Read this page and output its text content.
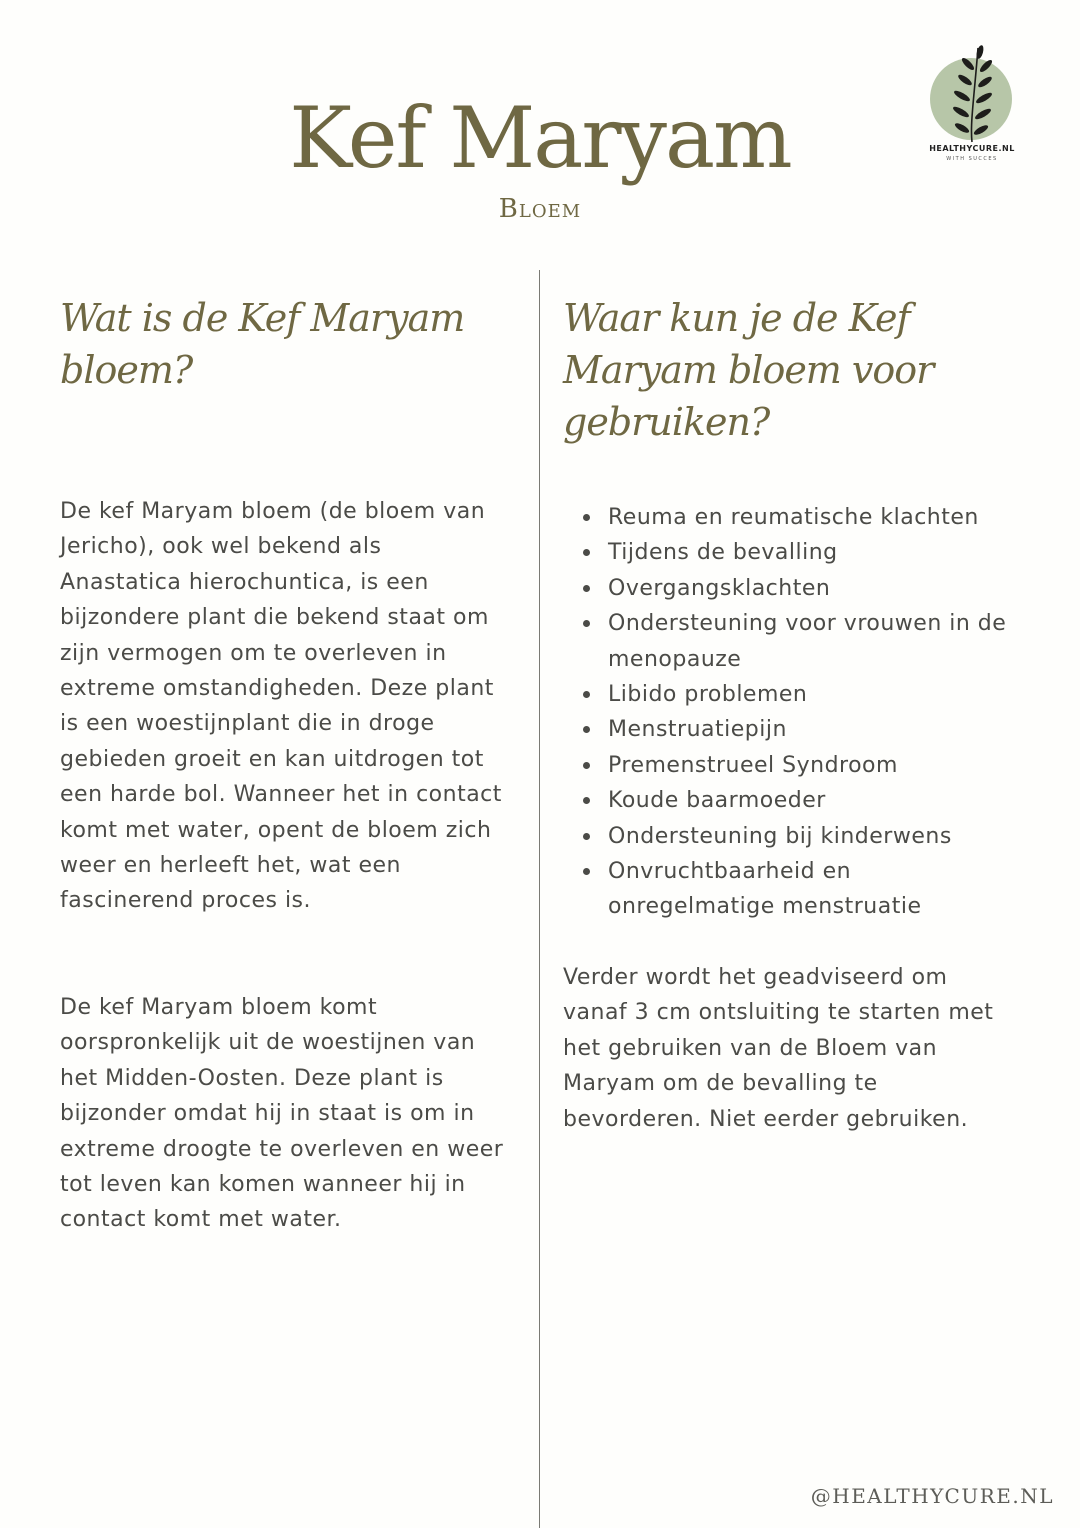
Kef Maryam
Bloem
HEALTHYCURE.NL
WITH SUCCES
Wat is de Kef Maryam bloem?

De kef Maryam bloem (de bloem van Jericho), ook wel bekend als Anastatica hierochuntica, is een bijzondere plant die bekend staat om zijn vermogen om te overleven in extreme omstandigheden. Deze plant is een woestijnplant die in droge gebieden groeit en kan uitdrogen tot een harde bol. Wanneer het in contact komt met water, opent de bloem zich weer en herleeft het, wat een fascinerend proces is.

De kef Maryam bloem komt oorspronkelijk uit de woestijnen van het Midden-Oosten. Deze plant is bijzonder omdat hij in staat is om in extreme droogte te overleven en weer tot leven kan komen wanneer hij in contact komt met water.

Waar kun je de Kef Maryam bloem voor gebruiken?
Reuma en reumatische klachten
Tijdens de bevalling
Overgangsklachten
Ondersteuning voor vrouwen in de menopauze
Libido problemen
Menstruatiepijn
Premenstrueel Syndroom
Koude baarmoeder
Ondersteuning bij kinderwens
Onvruchtbaarheid en onregelmatige menstruatie

Verder wordt het geadviseerd om vanaf 3 cm ontsluiting te starten met het gebruiken van de Bloem van Maryam om de bevalling te bevorderen. Niet eerder gebruiken.

@HEALTHYCURE.NL
